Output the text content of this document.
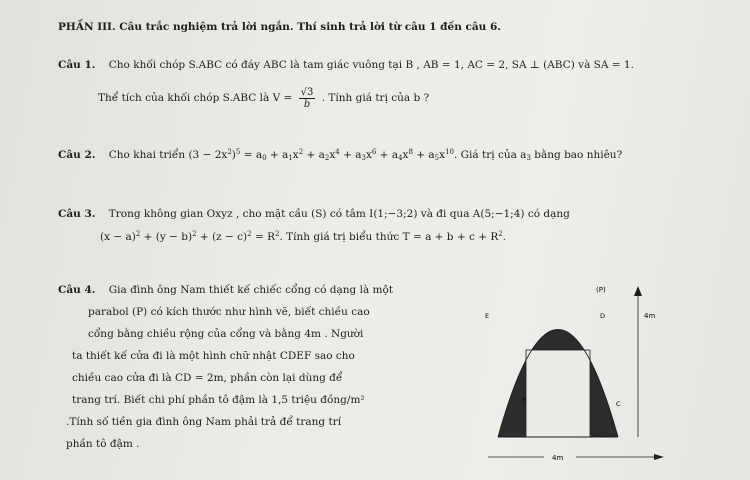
PHẦN III. Câu trắc nghiệm trả lời ngắn. Thí sinh trả lời từ câu 1 đến câu 6.
Câu 1. Cho khối chóp S.ABC có đáy ABC là tam giác vuông tại B , AB = 1, AC = 2, SA ⊥ (ABC) và SA = 1.
Thể tích của khối chóp S.ABC là $V = \frac{√3}{b}$ . Tính giá trị của b ?
Câu 2. Cho khai triển $(3 - 2x^2)^5 = a_0 + a_1x^2 + a_2x^4 + a_3x^6 + a_4x^8 + a_5x^{10}$. Giá trị của $a_3$ bằng bao nhiêu?
Câu 3. Trong không gian Oxyz , cho mặt cầu (S) có tâm I(1;−3;2) và đi qua A(5;−1;4) có dạng
$(x - a)^2 + (y - b)^2 + (z - c)^2 = R^2$. Tính giá trị biểu thức $T = a + b + c + R^2$.
Câu 4. Gia đình ông Nam thiết kế chiếc cổng có dạng là một
parabol (P) có kích thước như hình vẽ, biết chiều cao
cổng bằng chiều rộng của cổng và bằng 4m . Người
ta thiết kế cửa đi là một hình chữ nhật CDEF sao cho
chiều cao cửa đi là CD = 2m, phần còn lại dùng để
trang trí. Biết chi phí phần tô đậm là 1,5 triệu đồng/m²
.Tính số tiền gia đình ông Nam phải trả để trang trí
phần tô đậm .
4m
4m
(P)
E	D
F	C
